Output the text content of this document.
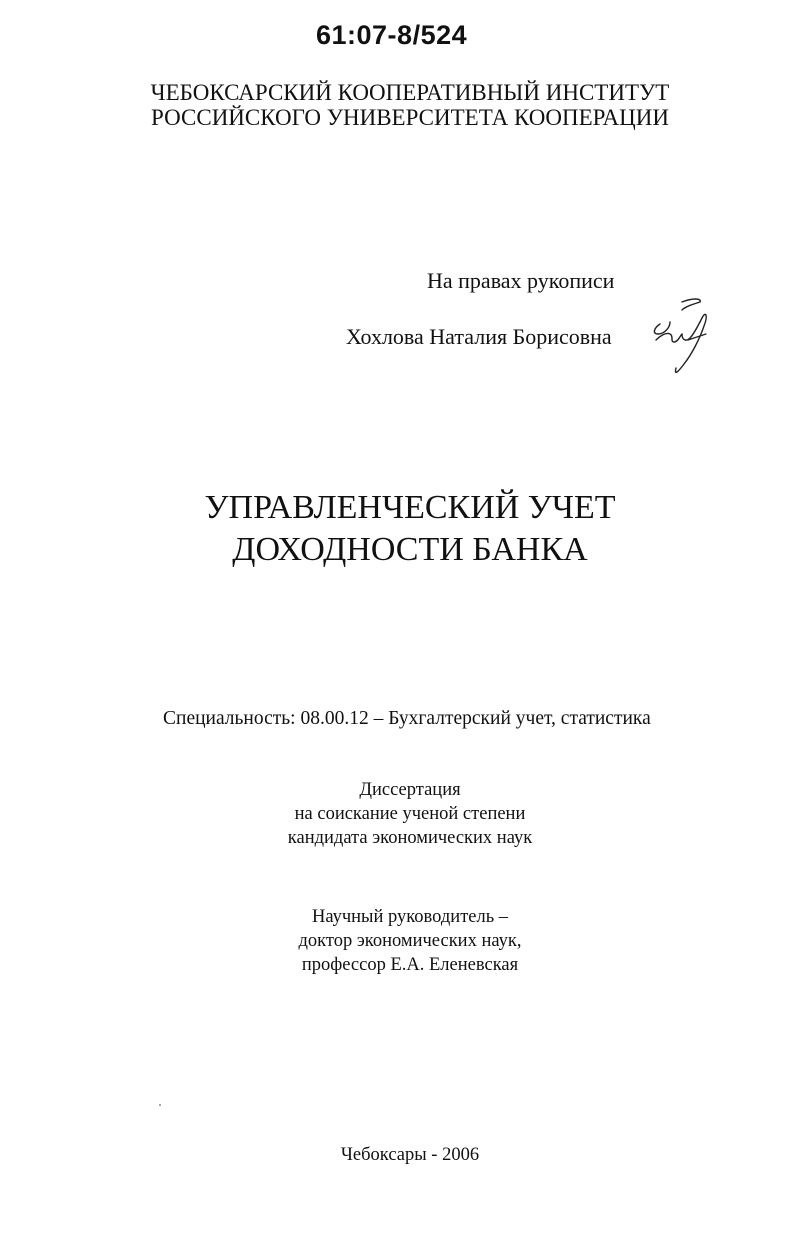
61:07-8/524
ЧЕБОКСАРСКИЙ КООПЕРАТИВНЫЙ ИНСТИТУТ
РОССИЙСКОГО УНИВЕРСИТЕТА КООПЕРАЦИИ
На правах рукописи
Хохлова Наталия Борисовна
УПРАВЛЕНЧЕСКИЙ УЧЕТ
ДОХОДНОСТИ БАНКА
Специальность: 08.00.12 – Бухгалтерский учет, статистика
Диссертация
на соискание ученой степени
кандидата экономических наук
Научный руководитель –
доктор экономических наук,
профессор Е.А. Еленевская
Чебоксары - 2006
